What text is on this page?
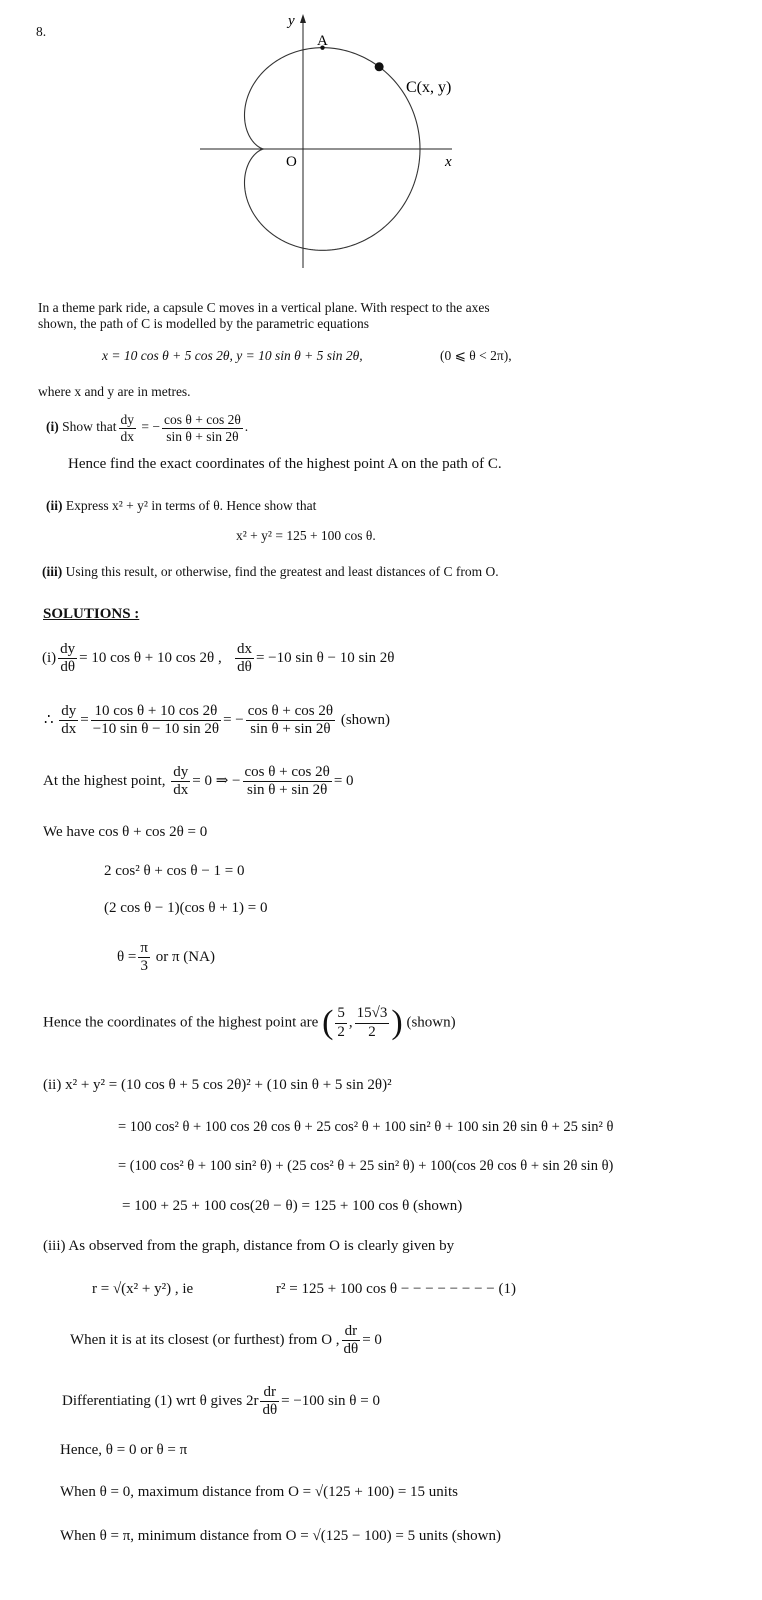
8.
y
x
O
A
C(x, y)
In a theme park ride, a capsule C moves in a vertical plane. With respect to the axes
shown, the path of C is modelled by the parametric equations
x = 10 cos θ + 5 cos 2θ, y = 10 sin θ + 5 sin 2θ,	(0 ⩽ θ < 2π),
where x and y are in metres.
(i) Show that $\frac{dy}{dx}$ = − $\frac{\text{cos θ + cos 2θ}}{\text{sin θ + sin 2θ}}$ .
Hence find the exact coordinates of the highest point A on the path of C.
(ii) Express x² + y² in terms of θ. Hence show that
x² + y² = 125 + 100 cos θ.
(iii) Using this result, or otherwise, find the greatest and least distances of C from O.
SOLUTIONS :
$(i) \frac{dy}{d\theta} = 10$ cos θ + 10 cos 2θ , $\frac{dx}{d\theta} = -10$ sin θ − 10 sin 2θ
∴ $\frac{dy}{dx} = \frac{\text{10 cos θ + 10 cos 2θ}}{\text{−10 sin θ − 10 sin 2θ}}$ = − $\frac{\text{cos θ + cos 2θ}}{\text{sin θ + sin 2θ}}$ (shown)
At the highest point, $\frac{dy}{dx} = 0$ ⇒ − $\frac{\text{cos θ + cos 2θ}}{\text{sin θ + sin 2θ}} = 0$
We have cos θ + cos 2θ = 0
2 cos² θ + cos θ − 1 = 0
(2 cos θ − 1)(cos θ + 1) = 0
$\theta = \frac{\pi}{3}$ or π (NA)
Hence the coordinates of the highest point are ( $\frac{5}{2}$ , $\frac{15√3}{2}$ ) (shown)
(ii) x² + y² = (10 cos θ + 5 cos 2θ)² + (10 sin θ + 5 sin 2θ)²
= 100 cos² θ + 100 cos 2θ cos θ + 25 cos² θ + 100 sin² θ + 100 sin 2θ sin θ + 25 sin² θ
= (100 cos² θ + 100 sin² θ) + (25 cos² θ + 25 sin² θ) + 100(cos 2θ cos θ + sin 2θ sin θ)
= 100 + 25 + 100 cos(2θ − θ) = 125 + 100 cos θ (shown)
(iii) As observed from the graph, distance from O is clearly given by
r = √(x² + y²) , ie	r² = 125 + 100 cos θ − − − − − − − − (1)
When it is at its closest (or furthest) from O , $\frac{dr}{d\theta} = 0$
Differentiating (1) wrt θ gives $2r \frac{dr}{d\theta} = -100$ sin θ = 0
Hence, θ = 0 or θ = π
When θ = 0, maximum distance from O = √(125 + 100) = 15 units
When θ = π, minimum distance from O = √(125 − 100) = 5 units (shown)
